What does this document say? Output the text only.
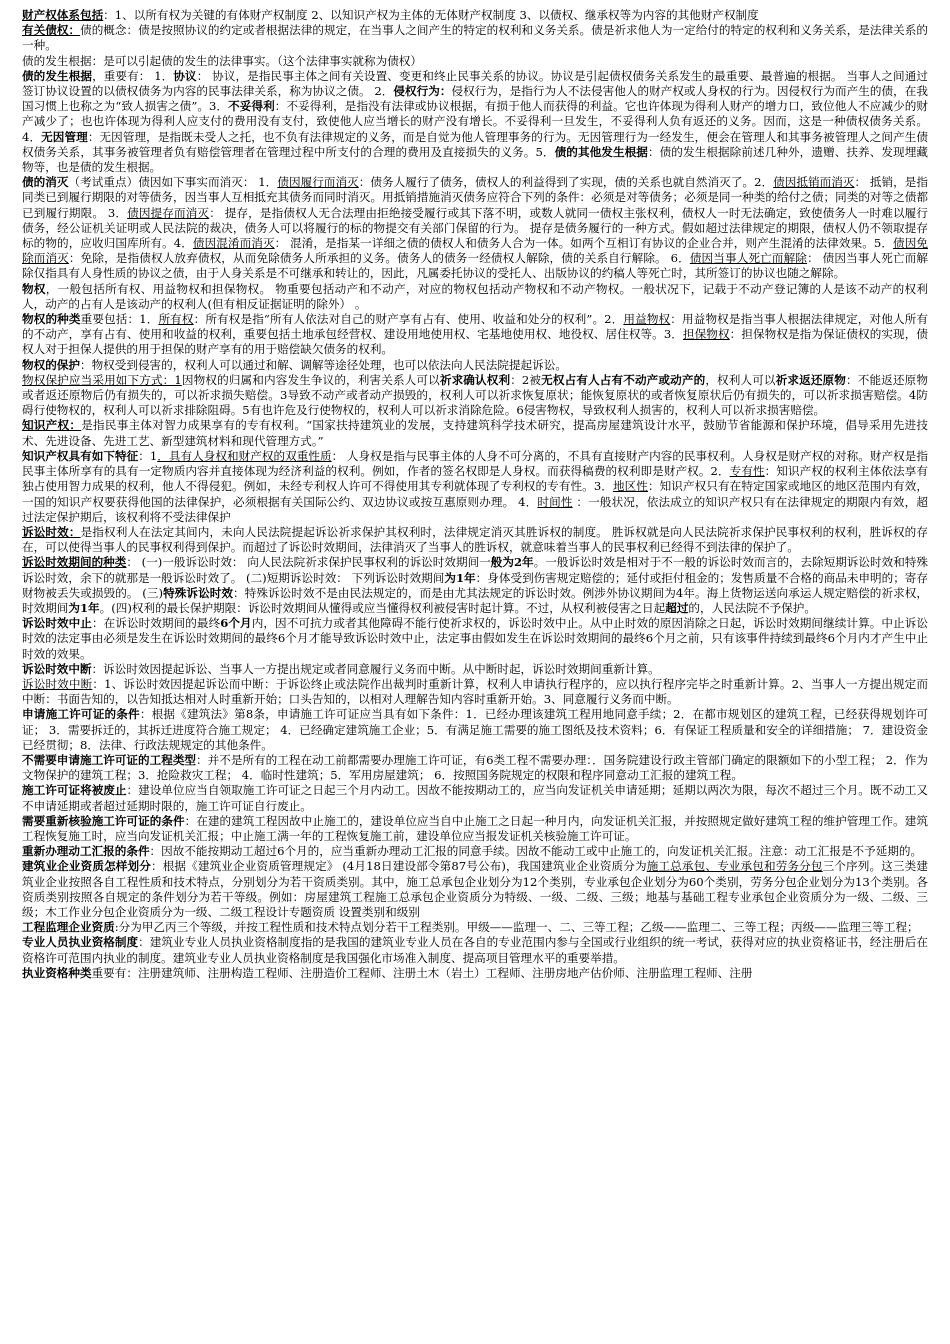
财产权体系包括：1、以所有权为关键的有体财产权制度 2、以知识产权为主体的无体财产权制度 3、以债权、继承权等为内容的其他财产权制度

有关债权：债的概念：债是按照协议的约定或者根据法律的规定，在当事人之间产生的特定的权利和义务关系。债是祈求他人为一定给付的特定的权利和义务关系，是法律关系的一种。

债的发生根据：是可以引起债的发生的法律事实。（这个法律事实就称为债权）

债的发生根据，重要有： 1．协议： 协议，是指民事主体之间有关设置、变更和终止民事关系的协议。协议是引起债权债务关系发生的最重要、最普遍的根据。 当事人之间通过签订协议设置的以债权债务为内容的民事法律关系，称为协议之债。 2．侵权行为：侵权行为，是指行为人不法侵害他人的财产权或人身权的行为。因侵权行为而产生的债，在我国习惯上也称之为“致人损害之债”。3．不妥得利：不妥得利，是指没有法律或协议根据，有损于他人而获得的利益。它也许体现为得利人财产的增力口，致位他人不应减少的财产减少了；也也许体现为得利人应支付的费用没有支付，致使他人应当增长的财产没有增长。不妥得利一旦发生，不妥得利人负有返还的义务。因而，这是一种债权债务关系。4．无因管理：无因管理，是指既未受人之托，也不负有法律规定的义务，而是自觉为他人管理事务的行为。无因管理行为一经发生，便会在管理人和其事务被管理人之间产生债权债务关系，其事务被管理者负有赔偿管理者在管理过程中所支付的合理的费用及直接损失的义务。5．债的其他发生根据：债的发生根据除前述几种外，遗赠、扶养、发现埋藏物等，也是债的发生根据。

债的消灭（考试重点）债因如下事实而消灭： 1．债因履行而消灭：债务人履行了债务，债权人的利益得到了实现，债的关系也就自然消灭了。2．债因抵销而消灭： 抵销，是指同类已到履行期限的对等债务，因当事人互相抵充其债务而同时消灭。用抵销措施消灭债务应符合下列的条件：必须是对等债务；必须是同一种类的给付之债；同类的对等之债都已到履行期限。 3．债因提存而消灭： 提存，是指债权人无合法理由拒绝接受履行或其下落不明，或数人就同一债权主张权利，债权人一时无法确定，致使债务人一时难以履行债务，经公证机关证明或人民法院的裁决，债务人可以将履行的标的物提交有关部门保留的行为。 提存是债务履行的一种方式。假如超过法律规定的期限，债权人仍不领取提存标的物的，应收归国库所有。4．债因混淆而消灭： 混淆，是指某一详细之债的债权人和债务人合为一体。如两个互相订有协议的企业合并，则产生混淆的法律效果。5．债因免除而消灭：免除，是指债权人放弃债权，从而免除债务人所承担的义务。债务人的债务一经债权人解除，债的关系自行解除。 6．债因当事人死亡而解除： 债因当事人死亡而解除仅指具有人身性质的协议之债，由于人身关系是不可继承和转让的，因此，凡属委托协议的受托人、出版协议的约稿人等死亡时，其所签订的协议也随之解除。

物权，一般包括所有权、用益物权和担保物权。 物重要包括动产和不动产，对应的物权包括动产物权和不动产物权。一般状况下，记载于不动产登记簿的人是该不动产的权利人，动产的占有人是该动产的权利人(但有相反证据证明的除外） 。

物权的种类重要包括：1．所有权：所有权是指“所有人依法对自己的财产享有占有、使用、收益和处分的权利”。2．用益物权：用益物权是指当事人根据法律规定，对他人所有的不动产，享有占有、使用和收益的权利，重要包括土地承包经营权、建设用地使用权、宅基地使用权、地役权、居住权等。3．担保物权：担保物权是指为保证债权的实现，债权人对于担保人提供的用于担保的财产享有的用于赔偿缺欠债务的权利。

物权的保护：物权受到侵害的，权利人可以通过和解、调解等途径处理，也可以依法向人民法院提起诉讼。

物权保护应当采用如下方式：1因物权的归属和内容发生争议的，利害关系人可以祈求确认权利：2被无权占有人占有不动产或动产的，权利人可以祈求返还原物：不能返还原物或者返还原物后仍有损失的，可以祈求损失赔偿。3导致不动产或者动产损毁的，权利人可以祈求恢复原状；能恢复原状的或者恢复原状后仍有损失的，可以祈求损害赔偿。4防碍行使物权的，权利人可以祈求排除阻碍。5有也许危及行使物权的，权利人可以祈求消除危险。6侵害物权，导致权利人损害的，权利人可以祈求损害赔偿。

知识产权：是指民事主体对智力成果享有的专有权利。“国家扶持建筑业的发展，支持建筑科学技术研究，提高房屋建筑设计水平，鼓励节省能源和保护环境，倡导采用先进技术、先进设备、先进工艺、新型建筑材料和现代管理方式。”

知识产权具有如下特征：1．具有人身权和财产权的双重性质： 人身权是指与民事主体的人身不可分离的，不具有直接财产内容的民事权利。人身权是财产权的对称。财产权是指民事主体所享有的具有一定物质内容并直接体现为经济利益的权利。例如，作者的签名权即是人身权。而获得稿费的权利即是财产权。2．专有性：知识产权的权利主体依法享有独占使用智力成果的权利，他人不得侵犯。例如，未经专利权人许可不得使用其专利就体现了专利权的专有性。3．地区性：知识产权只有在特定国家或地区的地区范围内有效，一国的知识产权要获得他国的法律保护，必须根据有关国际公约、双边协议或按互惠原则办理。 4．时间性 ：一般状况，依法成立的知识产权只有在法律规定的期限内有效，超过法定保护期后，该权利将不受法律保护

诉讼时效：是指权利人在法定其间内，未向人民法院提起诉讼祈求保护其权利时，法律规定消灭其胜诉权的制度。 胜诉权就是向人民法院祈求保护民事权利的权利，胜诉权的存在，可以使得当事人的民事权利得到保护。而超过了诉讼时效期间，法律消灭了当事人的胜诉权，就意味着当事人的民事权利已经得不到法律的保护了。

诉讼时效期间的种类： (一)一般诉讼时效： 向人民法院祈求保护民事权利的诉讼时效期间一般为2年。一般诉讼时效是相对于不一般的诉讼时效而言的，去除短期诉讼时效和特殊诉讼时效，余下的就那是一般诉讼时效了。 (二)短期诉讼时效： 下列诉讼时效期间为1年：身体受到伤害规定赔偿的；延付或拒付租金的；发售质量不合格的商品未申明的；寄存财物被丢失或损毁的。 (三)特殊诉讼时效：特殊诉讼时效不是由民法规定的，而是由尤其法规定的诉讼时效。例涉外协议期间为4年。海上货物运送向承运人规定赔偿的祈求权，时效期间为1年。(四)权利的最长保护期限：诉讼时效期间从懂得或应当懂得权利被侵害时起计算。不过，从权利被侵害之日起超过的，人民法院不予保护。

诉讼时效中止：在诉讼时效期间的最终6个月内，因不可抗力或者其他障碍不能行使祈求权的，诉讼时效中止。从中止时效的原因消除之日起，诉讼时效期间继续计算。中止诉讼时效的法定事由必须是发生在诉讼时效期间的最终6个月才能导致诉讼时效中止，法定事由假如发生在诉讼时效期间的最终6个月之前，只有该事件持续到最终6个月内才产生中止时效的效果。

诉讼时效中断：诉讼时效因提起诉讼、当事人一方提出规定或者同意履行义务而中断。从中断时起，诉讼时效期间重新计算。

诉讼时效中断：1、诉讼时效因提起诉讼而中断：于诉讼终止或法院作出裁判时重新计算，权利人申请执行程序的，应以执行程序完毕之时重新计算。2、当事人一方提出规定而中断：书面告知的，以告知抵达相对人时重新开始；口头告知的，以相对人理解告知内容时重新开始。3、同意履行义务而中断。

申请施工许可证的条件：根据《建筑法》第8条，申请施工许可证应当具有如下条件：1．已经办理该建筑工程用地同意手续；2．在都市规划区的建筑工程，已经获得规划许可证； 3．需要拆迁的，其拆迁进度符合施工规定； 4．已经确定建筑施工企业；5．有满足施工需要的施工图纸及技术资料；6．有保证工程质量和安全的详细措施； 7．建设资金已经贯彻；8．法律、行政法规规定的其他条件。

不需要申请施工许可证的工程类型：并不是所有的工程在动工前都需要办理施工许可证，有6类工程不需要办理：．国务院建设行政主管部门确定的限额如下的小型工程； 2．作为文物保护的建筑工程；3．抢险救灾工程； 4．临时性建筑；5．军用房屋建筑； 6．按照国务院规定的权限和程序同意动工汇报的建筑工程。

施工许可证将被废止：建设单位应当自领取施工许可证之日起三个月内动工。因故不能按期动工的，应当向发证机关申请延期；延期以两次为限，每次不超过三个月。既不动工又不申请延期或者超过延期时限的，施工许可证自行废止。

需要重新核验施工许可证的条件：在建的建筑工程因故中止施工的，建设单位应当自中止施工之日起一种月内，向发证机关汇报，并按照规定做好建筑工程的维护管理工作。建筑工程恢复施工时，应当向发证机关汇报；中止施工满一年的工程恢复施工前，建设单位应当报发证机关核验施工许可证。

重新办理动工汇报的条件：因故不能按期动工超过6个月的，应当重新办理动工汇报的同意手续。因故不能动工或中止施工的，向发证机关汇报。注意：动工汇报是不予延期的。

建筑业企业资质怎样划分：根据《建筑业企业资质管理规定》 (4月18日建设部令第87号公布)，我国建筑业企业资质分为施工总承包、专业承包和劳务分包三个序列。这三类建筑业企业按照各自工程性质和技术特点，分别划分为若干资质类别。其中，施工总承包企业划分为12个类别，专业承包企业划分为60个类别，劳务分包企业划分为13个类别。各资质类别按照各自规定的条件划分为若干等级。例如：房屋建筑工程施工总承包企业资质分为特级、一级、二级、三级；地基与基础工程专业承包企业资质分为一级、二级、三级；木工作业分包企业资质分为一级、二级工程设计专题资质 设置类别和级别

工程监理企业资质:分为甲乙丙三个等级，并按工程性质和技术特点划分若干工程类别。甲级——监理一、二、三等工程；乙级——监理二、三等工程；丙级——监理三等工程；

专业人员执业资格制度：建筑业专业人员执业资格制度指的是我国的建筑业专业人员在各自的专业范围内参与全国或行业组织的统一考试，获得对应的执业资格证书，经注册后在资格许可范围内执业的制度。建筑业专业人员执业资格制度是我国强化市场准入制度、提高项目管理水平的重要举措。

执业资格种类重要有：注册建筑师、注册构造工程师、注册造价工程师、注册土木（岩土）工程师、注册房地产估价师、注册监理工程师、注册
